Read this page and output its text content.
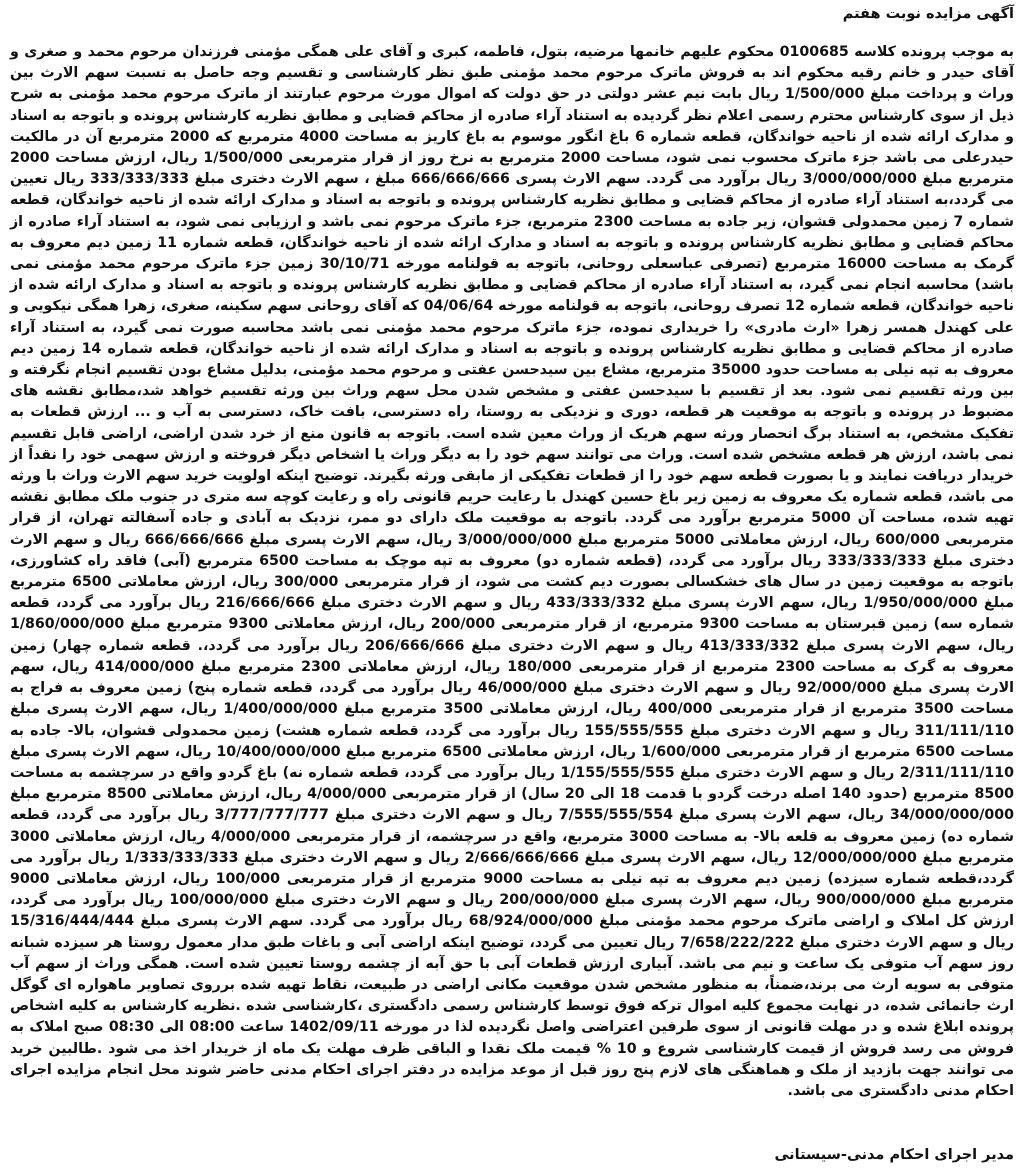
آگهی مزایده نوبت هفتم

به موجب پرونده کلاسه 0100685 محکوم علیهم خانمها مرضیه، بتول، فاطمه، کبری و آقای علی همگی مؤمنی فرزندان مرحوم محمد و صغری و آقای حیدر و خانم رقیه محکوم اند به فروش ماترک مرحوم محمد مؤمنی طبق نظر کارشناسی و تقسیم وجه حاصل به نسبت سهم الارث بین وراث و پرداخت مبلغ 1/500/000 ریال بابت نیم عشر دولتی در حق دولت که اموال مورث مرحوم عبارتند از ماترک مرحوم محمد مؤمنی به شرح ذیل از سوی کارشناس محترم رسمی اعلام نظر گردیده به استناد آراء صادره از محاکم قضایی و مطابق نظریه کارشناس پرونده و باتوجه به اسناد و مدارک ارائه شده از ناحیه خواندگان، قطعه شماره 6 باغ انگور موسوم به باغ کاریز به مساحت 4000 مترمربع که 2000 مترمربع آن در مالکیت حیدرعلی می باشد جزء ماترک محسوب نمی شود، مساحت 2000 مترمربع به نرخ روز از قرار مترمربعی 1/500/000 ریال، ارزش مساحت 2000 مترمربع مبلغ 3/000/000/000 ریال برآورد می گردد. سهم الارث پسری 666/666/666 مبلغ ، سهم الارث دختری مبلغ 333/333/333 ریال تعیین می گردد،به استناد آراء صادره از محاکم قضایی و مطابق نظریه کارشناس پرونده و باتوجه به اسناد و مدارک ارائه شده از ناحیه خواندگان، قطعه شماره 7 زمین محمدولی قشوان، زیر جاده به مساحت 2300 مترمربع، جزء ماترک مرحوم نمی باشد و ارزیابی نمی شود، به استناد آراء صادره از محاکم قضایی و مطابق نظریه کارشناس پرونده و باتوجه به اسناد و مدارک ارائه شده از ناحیه خواندگان، قطعه شماره 11 زمین دیم معروف به گرمک به مساحت 16000 مترمربع (تصرفی عباسعلی روحانی، باتوجه به قولنامه مورخه 30/10/71 زمین جزء ماترک مرحوم محمد مؤمنی نمی باشد) محاسبه انجام نمی گیرد، به استناد آراء صادره از محاکم قضایی و مطابق نظریه کارشناس پرونده و باتوجه به اسناد و مدارک ارائه شده از ناحیه خواندگان، قطعه شماره 12 تصرف روحانی، باتوجه به قولنامه مورخه 04/06/64 که آقای روحانی سهم سکینه، صغری، زهرا همگی نیکویی و علی کهندل همسر زهرا «ارث مادری» را خریداری نموده، جزء ماترک مرحوم محمد مؤمنی نمی باشد محاسبه صورت نمی گیرد، به استناد آراء صادره از محاکم قضایی و مطابق نظریه کارشناس پرونده و باتوجه به اسناد و مدارک ارائه شده از ناحیه خواندگان، قطعه شماره 14 زمین دیم معروف به تپه نیلی به مساحت حدود 35000 مترمربع، مشاع بین سیدحسن عفتی و مرحوم محمد مؤمنی، بدلیل مشاع بودن تقسیم انجام نگرفته و بین ورثه تقسیم نمی شود. بعد از تقسیم با سیدحسن عفتی و مشخص شدن محل سهم وراث بین ورثه تقسیم خواهد شد،مطابق نقشه های مضبوط در پرونده و باتوجه به موقعیت هر قطعه، دوری و نزدیکی به روستا، راه دسترسی، بافت خاک، دسترسی به آب و ... ارزش قطعات به تفکیک مشخص، به استناد برگ انحصار ورثه سهم هریک از وراث معین شده است. باتوجه به قانون منع از خرد شدن اراضی، اراضی قابل تقسیم نمی باشد، ارزش هر قطعه مشخص شده است. وراث می توانند سهم خود را به دیگر وراث یا اشخاص دیگر فروخته و ارزش سهمی خود را نقداً از خریدار دریافت نمایند و یا بصورت قطعه سهم خود را از قطعات تفکیکی از مابقی ورثه بگیرند. توضیح اینکه اولویت خرید سهم الارث وراث با ورثه می باشد، قطعه شماره یک معروف به زمین زیر باغ حسین کهندل با رعایت حریم قانونی راه و رعایت کوچه سه متری در جنوب ملک مطابق نقشه تهیه شده، مساحت آن 5000 مترمربع برآورد می گردد. باتوجه به موقعیت ملک دارای دو ممر، نزدیک به آبادی و جاده آسفالته تهران، از قرار مترمربعی 600/000 ریال، ارزش معاملاتی 5000 مترمربع مبلغ 3/000/000/000 ریال، سهم الارث پسری مبلغ 666/666/666 ریال و سهم الارث دختری مبلغ 333/333/333 ریال برآورد می گردد، (قطعه شماره دو) معروف به تپه موچک به مساحت 6500 مترمربع (آبی) فاقد راه کشاورزی، باتوجه به موقعیت زمین در سال های خشکسالی بصورت دیم کشت می شود، از قرار مترمربعی 300/000 ریال، ارزش معاملاتی 6500 مترمربع مبلغ 1/950/000/000 ریال، سهم الارث پسری مبلغ 433/333/332 ریال و سهم الارث دختری مبلغ 216/666/666 ریال برآورد می گردد، قطعه شماره سه) زمین قبرستان به مساحت 9300 مترمربع، از قرار مترمربعی 200/000 ریال، ارزش معاملاتی 9300 مترمربع مبلغ 1/860/000/000 ریال، سهم الارث پسری مبلغ 413/333/332 ریال و سهم الارث دختری مبلغ 206/666/666 ریال برآورد می گردد،. قطعه شماره چهار) زمین معروف به گرک به مساحت 2300 مترمربع از قرار مترمربعی 180/000 ریال، ارزش معاملاتی 2300 مترمربع مبلغ 414/000/000 ریال، سهم الارث پسری مبلغ 92/000/000 ریال و سهم الارث دختری مبلغ 46/000/000 ریال برآورد می گردد، قطعه شماره پنج) زمین معروف به فراج به مساحت 3500 مترمربع از قرار مترمربعی 400/000 ریال، ارزش معاملاتی 3500 مترمربع مبلغ 1/400/000/000 ریال، سهم الارث پسری مبلغ 311/111/110 ریال و سهم الارث دختری مبلغ 155/555/555 ریال برآورد می گردد، قطعه شماره هشت) زمین محمدولی قشوان، بالا- جاده به مساحت 6500 مترمربع از قرار مترمربعی 1/600/000 ریال، ارزش معاملاتی 6500 مترمربع مبلغ 10/400/000/000 ریال، سهم الارث پسری مبلغ 2/311/111/110 ریال و سهم الارث دختری مبلغ 1/155/555/555 ریال برآورد می گردد، قطعه شماره نه) باغ گردو واقع در سرچشمه به مساحت 8500 مترمربع (حدود 140 اصله درخت گردو با قدمت 18 الی 20 سال) از قرار مترمربعی 4/000/000 ریال، ارزش معاملاتی 8500 مترمربع مبلغ 34/000/000/000 ریال، سهم الارث پسری مبلغ 7/555/555/554 ریال و سهم الارث دختری مبلغ 3/777/777/777 ریال برآورد می گردد، قطعه شماره ده) زمین معروف به قلعه بالا- به مساحت 3000 مترمربع، واقع در سرچشمه، از قرار مترمربعی 4/000/000 ریال، ارزش معاملاتی 3000 مترمربع مبلغ 12/000/000/000 ریال، سهم الارث پسری مبلغ 2/666/666/666 ریال و سهم الارث دختری مبلغ 1/333/333/333 ریال برآورد می گردد،قطعه شماره سیزده) زمین دیم معروف به تپه نیلی به مساحت 9000 مترمربع از قرار مترمربعی 100/000 ریال، ارزش معاملاتی 9000 مترمربع مبلغ 900/000/000 ریال، سهم الارث پسری مبلغ 200/000/000 ریال و سهم الارث دختری مبلغ 100/000/000 ریال برآورد می گردد، ارزش کل املاک و اراضی ماترک مرحوم محمد مؤمنی مبلغ 68/924/000/000 ریال برآورد می گردد. سهم الارث پسری مبلغ 15/316/444/444 ریال و سهم الارث دختری مبلغ 7/658/222/222 ریال تعیین می گردد، توضیح اینکه اراضی آبی و باغات طبق مدار معمول روستا هر سیزده شبانه روز سهم آب متوفی یک ساعت و نیم می باشد. آبیاری ارزش قطعات آبی با حق آبه از چشمه روستا تعیین شده است. همگی وراث از سهم آب متوفی به سویه ارث می برند،ضمناً، به منظور مشخص شدن موقعیت مکانی اراضی در طبیعت، نقاط تهیه شده برروی تصاویر ماهواره ای گوگل ارث جانمائی شده، در نهایت مجموع کلیه اموال ترکه فوق توسط کارشناس رسمی دادگستری ،کارشناسی شده .نظریه کارشناس به کلیه اشخاص پرونده ابلاغ شده و در مهلت قانونی از سوی طرفین اعتراضی واصل نگردیده لذا در مورخه 1402/09/11 ساعت 08:00 الی 08:30 صبح املاک به فروش می رسد فروش از قیمت کارشناسی شروع و 10 % قیمت ملک نقدا و الباقی ظرف مهلت یک ماه از خریدار اخذ می شود .طالبین خرید می توانند جهت بازدید از ملک و هماهنگی های لازم پنج روز قبل از موعد مزایده در دفتر اجرای احکام مدنی حاضر شوند محل انجام مزایده اجرای احکام مدنی دادگستری می باشد.

مدیر اجرای احکام مدنی-سیستانی
